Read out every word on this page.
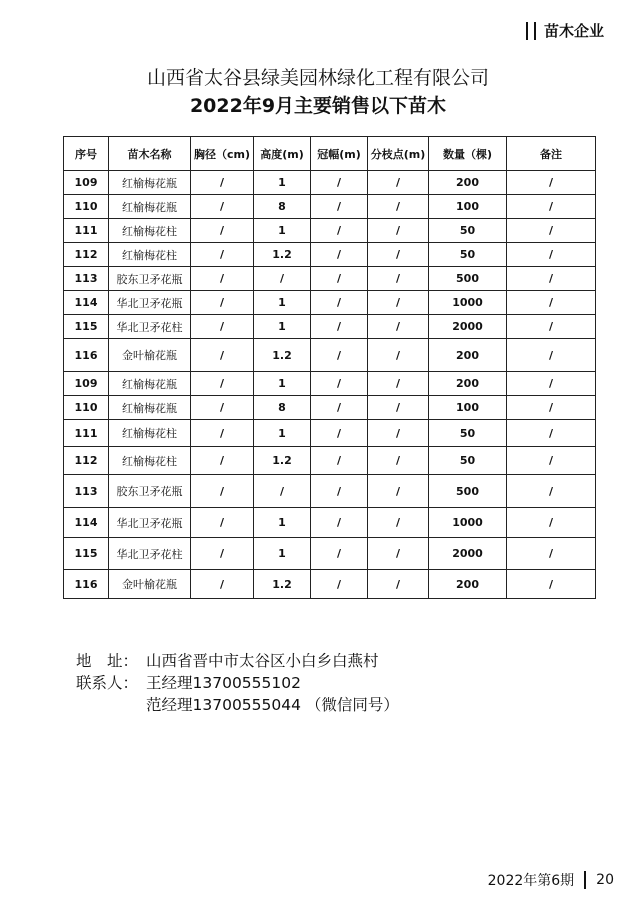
苗木企业
山西省太谷县绿美园林绿化工程有限公司
2022年9月主要销售以下苗木
序号	苗木名称	胸径（cm)	高度(m)	冠幅(m)	分枝点(m)	数量（棵)	备注
109	红榆梅花瓶	/	1	/	/	200	/
110	红榆梅花瓶	/	8	/	/	100	/
111	红榆梅花柱	/	1	/	/	50	/
112	红榆梅花柱	/	1.2	/	/	50	/
113	胶东卫矛花瓶	/	/	/	/	500	/
114	华北卫矛花瓶	/	1	/	/	1000	/
115	华北卫矛花柱	/	1	/	/	2000	/
116	金叶榆花瓶	/	1.2	/	/	200	/
109	红榆梅花瓶	/	1	/	/	200	/
110	红榆梅花瓶	/	8	/	/	100	/
111	红榆梅花柱	/	1	/	/	50	/
112	红榆梅花柱	/	1.2	/	/	50	/
113	胶东卫矛花瓶	/	/	/	/	500	/
114	华北卫矛花瓶	/	1	/	/	1000	/
115	华北卫矛花柱	/	1	/	/	2000	/
116	金叶榆花瓶	/	1.2	/	/	200	/
地　址： 山西省晋中市太谷区小白乡白燕村
联系人： 王经理13700555102
范经理13700555044 （微信同号）
2022年第6期 20
